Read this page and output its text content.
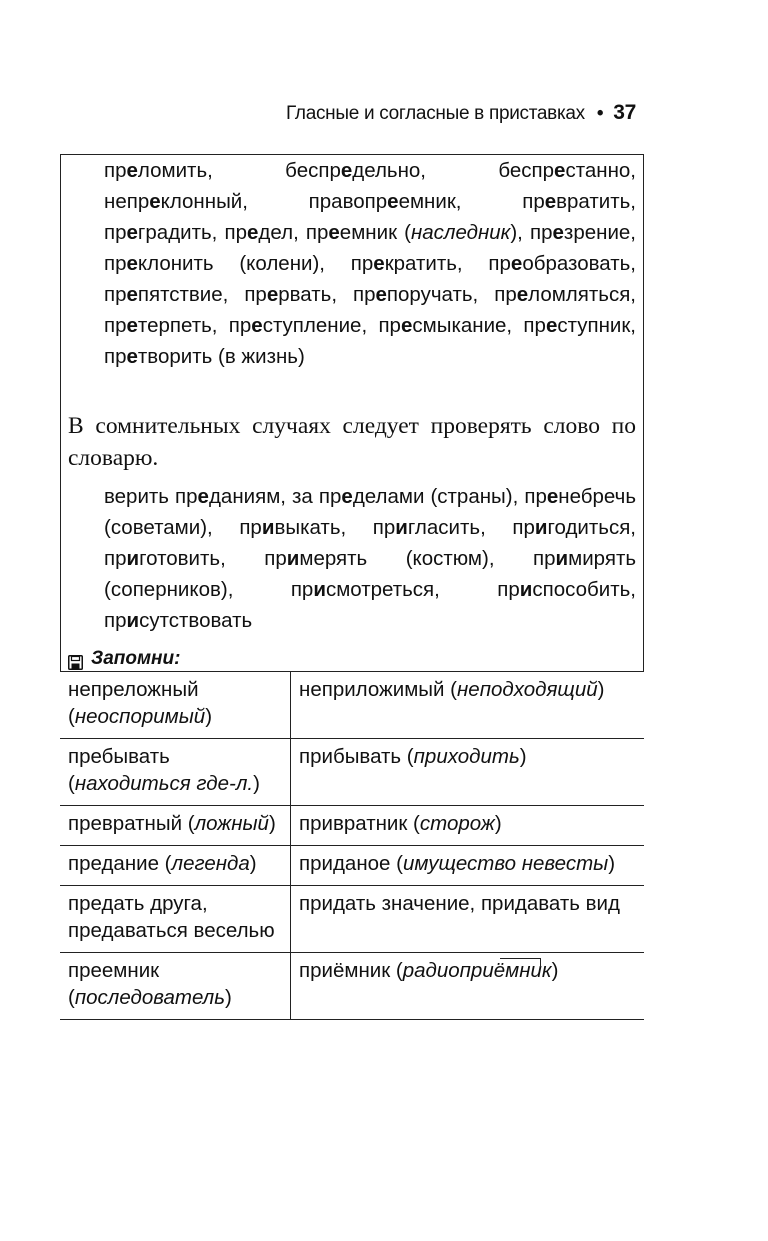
Гласные и согласные в приставках • 37

преломить, беспредельно, беспрестанно, непреклонный, правопреемник, превратить, преградить, предел, преемник (наследник), презрение, преклонить (колени), прекратить, преобразовать, препятствие, прервать, препоручать, преломляться, претерпеть, преступление, пресмыкание, преступник, претворить (в жизнь)

В сомнительных случаях следует проверять слово по словарю.

верить преданиям, за пределами (страны), пренебречь (советами), привыкать, пригласить, пригодиться, приготовить, примерять (костюм), примирять (соперников), присмотреться, приспособить, присутствовать

Запомни:
непреложный (неоспоримый)	неприложимый (неподходящий)
пребывать (находиться где-л.)	прибывать (приходить)
превратный (ложный)	привратник (сторож)
предание (легенда)	приданое (имущество невесты)
предать друга, предаваться веселью	придать значение, придавать вид
преемник (последователь)	приёмник (радиоприёмник)
